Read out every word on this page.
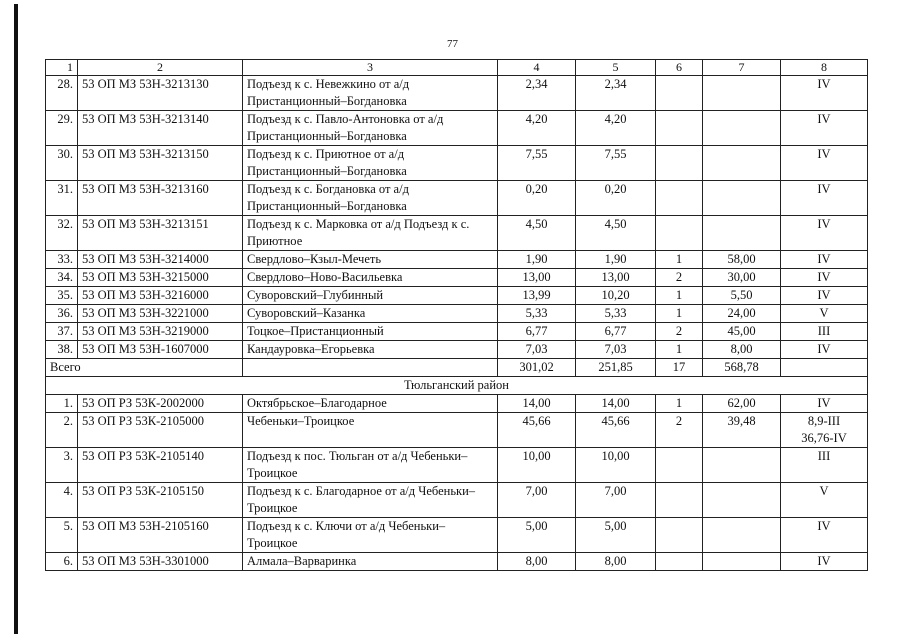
77
1	2	3	4	5	6	7	8
28.	53 ОП МЗ 53Н-3213130	Подъезд к с. Невежкино от а/д Пристанционный–Богдановка	2,34	2,34			IV
29.	53 ОП МЗ 53Н-3213140	Подъезд к с. Павло-Антоновка от а/д Пристанционный–Богдановка	4,20	4,20			IV
30.	53 ОП МЗ 53Н-3213150	Подъезд к с. Приютное от а/д Пристанционный–Богдановка	7,55	7,55			IV
31.	53 ОП МЗ 53Н-3213160	Подъезд к с. Богдановка от а/д Пристанционный–Богдановка	0,20	0,20			IV
32.	53 ОП МЗ 53Н-3213151	Подъезд к с. Марковка от а/д Подъезд к с. Приютное	4,50	4,50			IV
33.	53 ОП МЗ 53Н-3214000	Свердлово–Кзыл-Мечеть	1,90	1,90	1	58,00	IV
34.	53 ОП МЗ 53Н-3215000	Свердлово–Ново-Васильевка	13,00	13,00	2	30,00	IV
35.	53 ОП МЗ 53Н-3216000	Суворовский–Глубинный	13,99	10,20	1	5,50	IV
36.	53 ОП МЗ 53Н-3221000	Суворовский–Казанка	5,33	5,33	1	24,00	V
37.	53 ОП МЗ 53Н-3219000	Тоцкое–Пристанционный	6,77	6,77	2	45,00	III
38.	53 ОП МЗ 53Н-1607000	Кандауровка–Егорьевка	7,03	7,03	1	8,00	IV
Всего			301,02	251,85	17	568,78	
Тюльганский район							
1.	53 ОП РЗ 53К-2002000	Октябрьское–Благодарное	14,00	14,00	1	62,00	IV
2.	53 ОП РЗ 53К-2105000	Чебеньки–Троицкое	45,66	45,66	2	39,48	8,9-III
36,76-IV

3.	53 ОП РЗ 53К-2105140	Подъезд к пос. Тюльган от а/д Чебеньки–Троицкое	10,00	10,00			III
4.	53 ОП РЗ 53К-2105150	Подъезд к с. Благодарное от а/д Чебеньки–Троицкое	7,00	7,00			V
5.	53 ОП МЗ 53Н-2105160	Подъезд к с. Ключи от а/д Чебеньки–Троицкое	5,00	5,00			IV
6.	53 ОП МЗ 53Н-3301000	Алмала–Варваринка	8,00	8,00			IV
